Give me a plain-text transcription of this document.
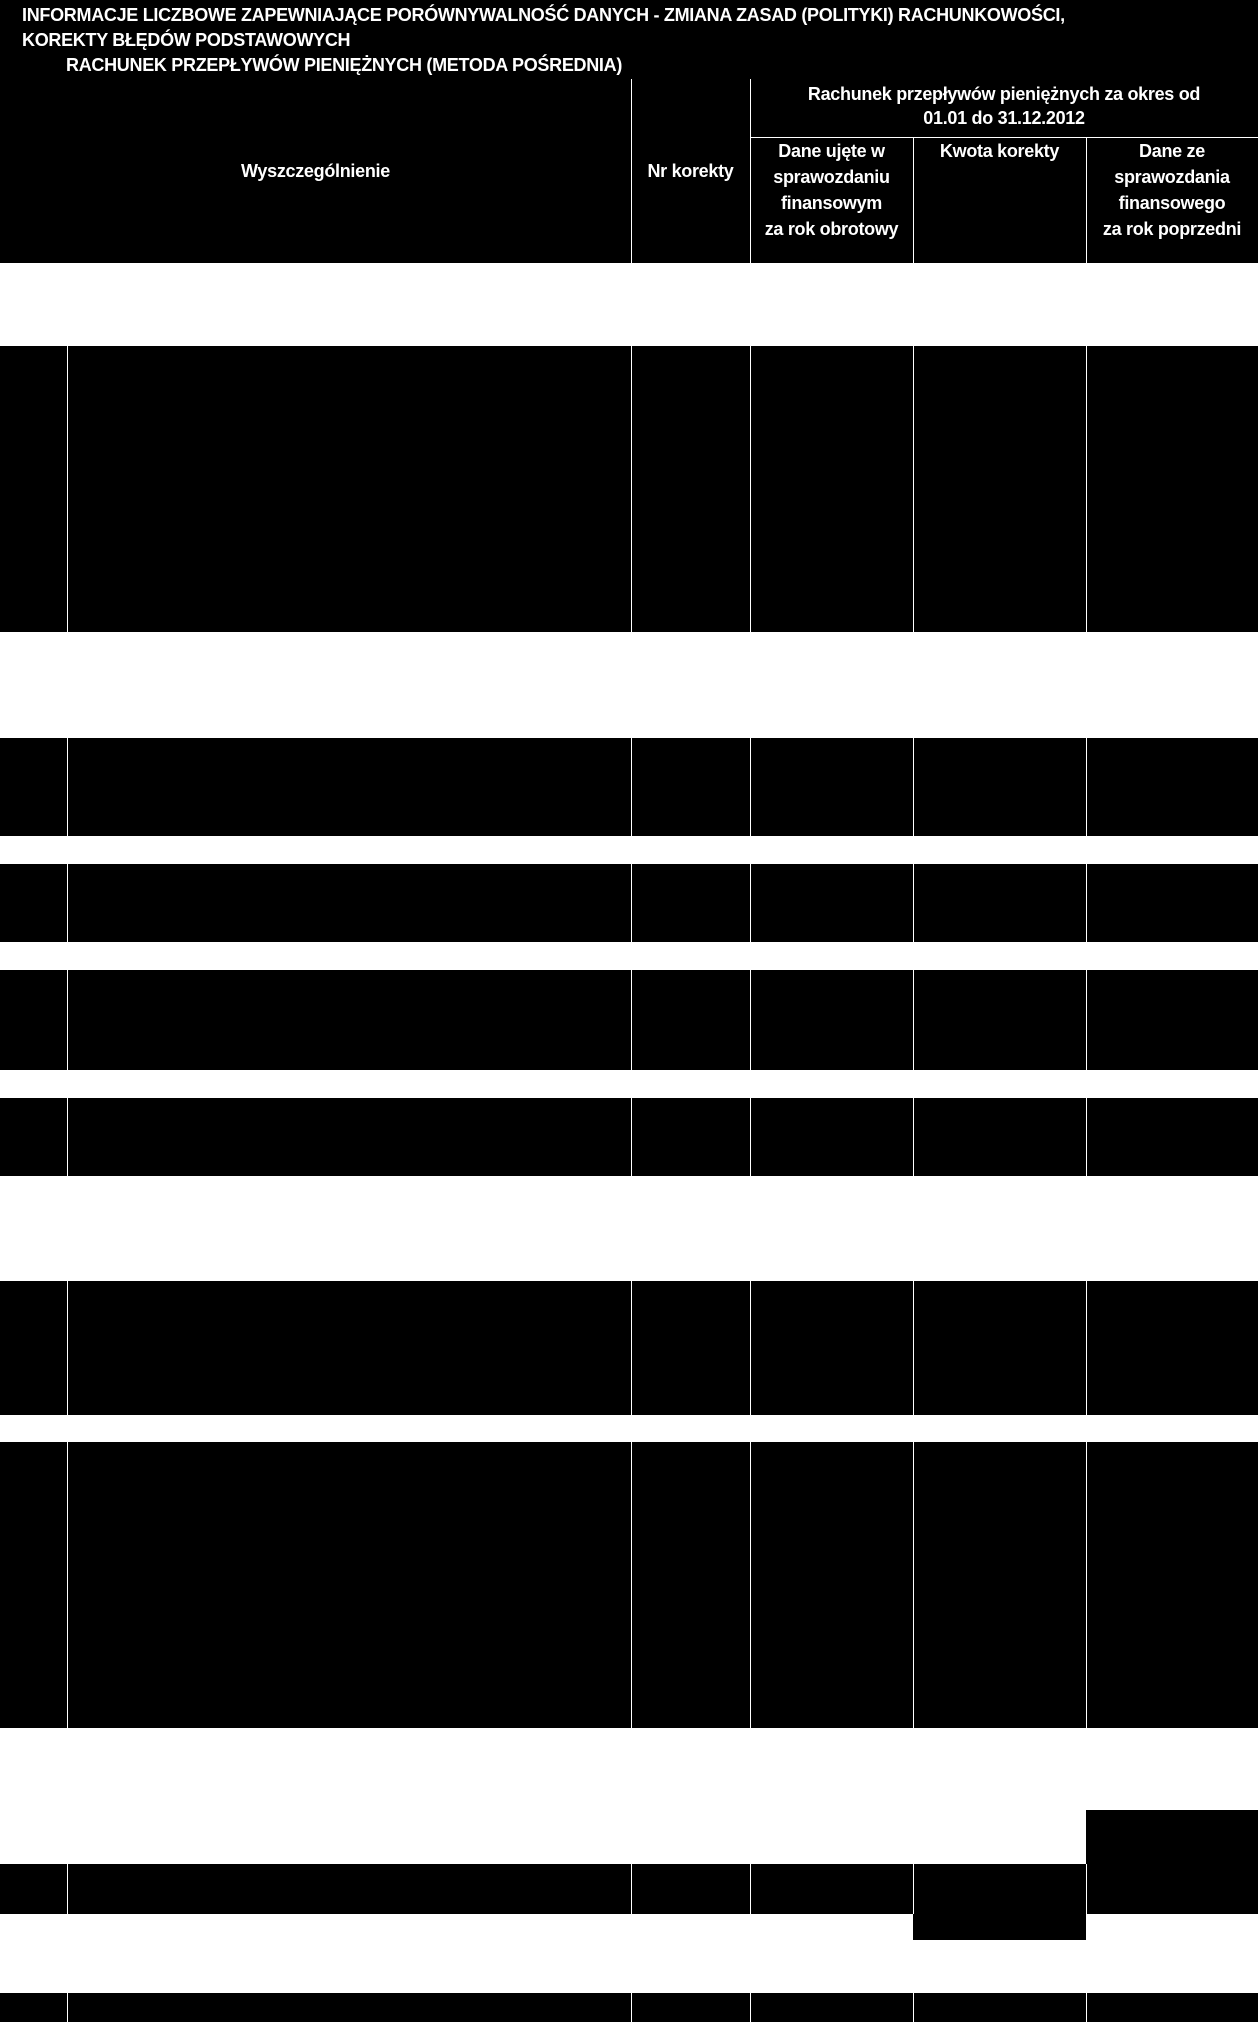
INFORMACJE LICZBOWE ZAPEWNIAJĄCE PORÓWNYWALNOŚĆ DANYCH - ZMIANA ZASAD (POLITYKI) RACHUNKOWOŚCI,
KOREKTY BŁĘDÓW PODSTAWOWYCH
RACHUNEK PRZEPŁYWÓW PIENIĘŻNYCH (METODA POŚREDNIA)
Rachunek przepływów pieniężnych za okres od
01.01 do 31.12.2012
Wyszczególnienie	Nr korekty
Dane ujęte w
sprawozdaniu
finansowym
za rok obrotowy
Kwota korekty	Dane ze
sprawozdania
finansowego
za rok poprzedni
